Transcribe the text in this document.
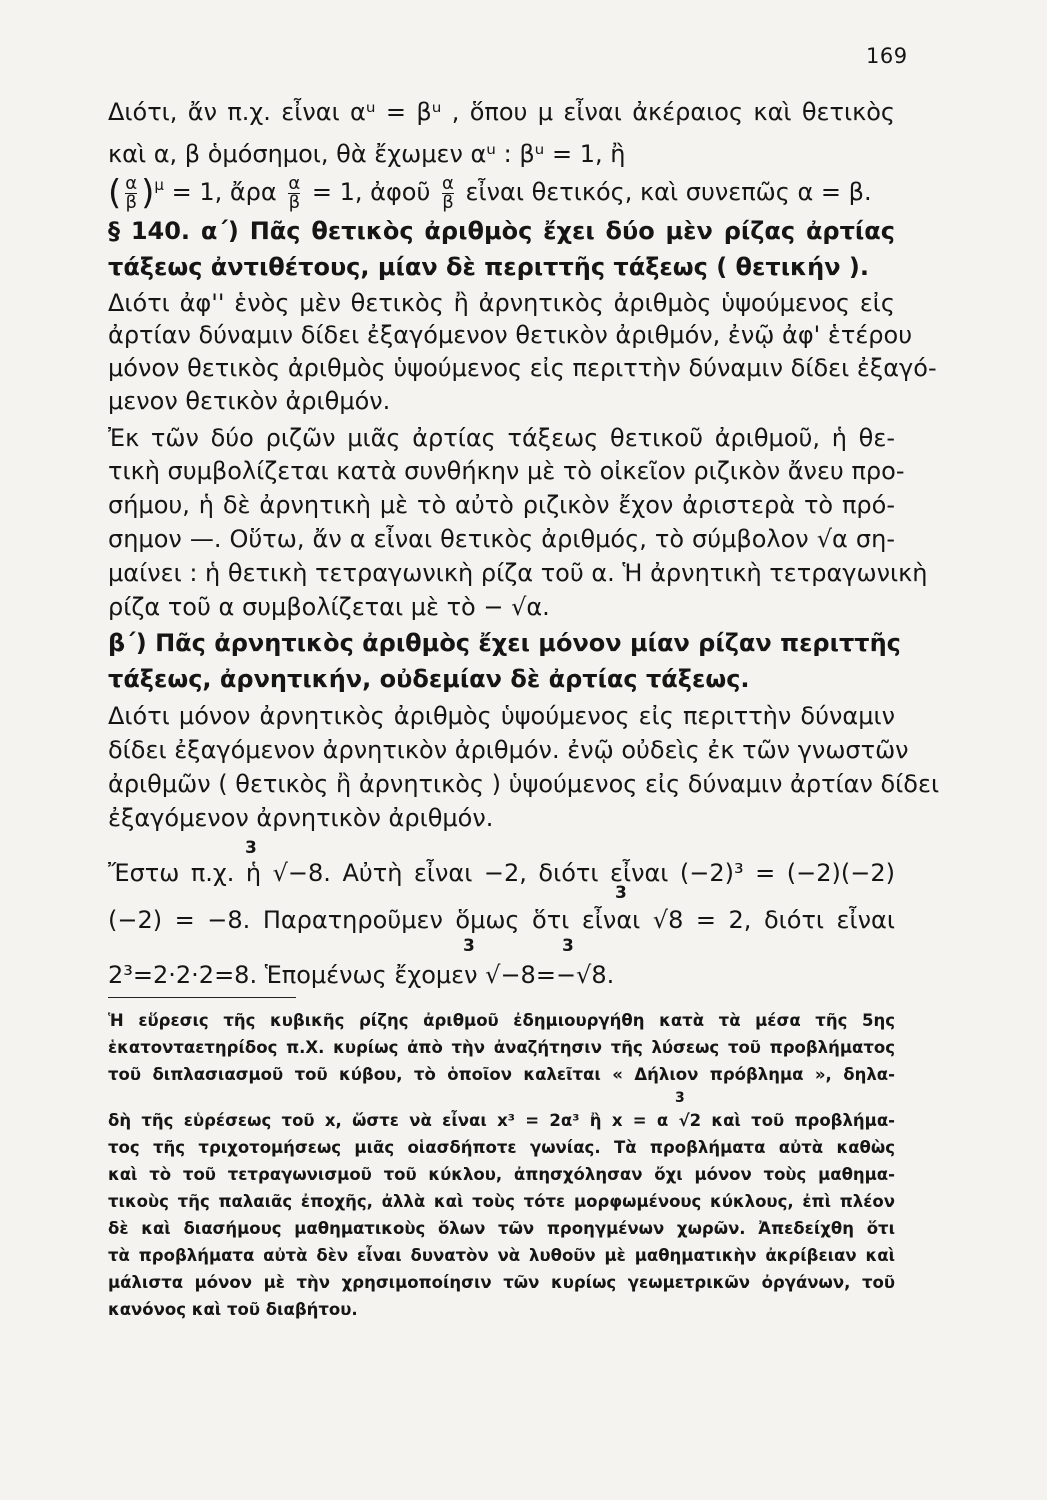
169
Διότι, ἄν π.χ. εἶναι αᵘ = βᵘ , ὅπου μ εἶναι ἀκέραιος καὶ θετικὸς
καὶ α, β ὁμόσημοι, θὰ ἔχωμεν αᵘ : βᵘ = 1, ἢ
( $\frac{\alpha}{\beta} )^\mu = 1$, ἄρα $\frac{\alpha}{\beta} = 1$, ἀφοῦ $\frac{\alpha}{\beta}$ εἶναι θετικός, καὶ συνεπῶς α = β.
§ 140. α΄) Πᾶς θετικὸς ἀριθμὸς ἔχει δύο μὲν ρίζας ἀρτίας
τάξεως ἀντιθέτους, μίαν δὲ περιττῆς τάξεως ( θετικήν ).
Διότι ἀφ'' ἑνὸς μὲν θετικὸς ἢ ἀρνητικὸς ἀριθμὸς ὑψούμενος εἰς
ἀρτίαν δύναμιν δίδει ἐξαγόμενον θετικὸν ἀριθμόν, ἐνῷ ἀφ' ἑτέρου
μόνον θετικὸς ἀριθμὸς ὑψούμενος εἰς περιττὴν δύναμιν δίδει ἐξαγό-
μενον θετικὸν ἀριθμόν.
Ἐκ τῶν δύο ριζῶν μιᾶς ἀρτίας τάξεως θετικοῦ ἀριθμοῦ, ἡ θε-
τικὴ συμβολίζεται κατὰ συνθήκην μὲ τὸ οἰκεῖον ριζικὸν ἄνευ προ-
σήμου, ἡ δὲ ἀρνητικὴ μὲ τὸ αὐτὸ ριζικὸν ἔχον ἀριστερὰ τὸ πρό-
σημον —. Οὕτω, ἄν α εἶναι θετικὸς ἀριθμός, τὸ σύμβολον √α ση-
μαίνει : ἡ θετικὴ τετραγωνικὴ ρίζα τοῦ α. Ἡ ἀρνητικὴ τετραγωνικὴ
ρίζα τοῦ α συμβολίζεται μὲ τὸ − √α.
β΄) Πᾶς ἀρνητικὸς ἀριθμὸς ἔχει μόνον μίαν ρίζαν περιττῆς
τάξεως, ἀρνητικήν, οὐδεμίαν δὲ ἀρτίας τάξεως.
Διότι μόνον ἀρνητικὸς ἀριθμὸς ὑψούμενος εἰς περιττὴν δύναμιν
δίδει ἐξαγόμενον ἀρνητικὸν ἀριθμόν. ἐνῷ οὐδεὶς ἐκ τῶν γνωστῶν
ἀριθμῶν ( θετικὸς ἢ ἀρνητικὸς ) ὑψούμενος εἰς δύναμιν ἀρτίαν δίδει
ἐξαγόμενον ἀρνητικὸν ἀριθμόν.
3
Ἔστω π.χ. ἡ √−8. Αὐτὴ εἶναι −2, διότι εἶναι (−2)³ = (−2)(−2)
3
(−2) = −8. Παρατηροῦμεν ὅμως ὅτι εἶναι √8 = 2, διότι εἶναι
3	3
2³=2·2·2=8. Ἑπομένως ἔχομεν √−8=−√8.
Ἡ εὕρεσις τῆς κυβικῆς ρίζης ἀριθμοῦ ἐδημιουργήθη κατὰ τὰ μέσα τῆς 5ης
ἑκατονταετηρίδος π.Χ. κυρίως ἀπὸ τὴν ἀναζήτησιν τῆς λύσεως τοῦ προβλήματος
τοῦ διπλασιασμοῦ τοῦ κύβου, τὸ ὁποῖον καλεῖται « Δήλιον πρόβλημα », δηλα-
3
δὴ τῆς εὑρέσεως τοῦ x, ὥστε νὰ εἶναι x³ = 2α³ ἢ x = α √2 καὶ τοῦ προβλήμα-
τος τῆς τριχοτομήσεως μιᾶς οἱασδήποτε γωνίας. Τὰ προβλήματα αὐτὰ καθὼς
καὶ τὸ τοῦ τετραγωνισμοῦ τοῦ κύκλου, ἀπησχόλησαν ὄχι μόνον τοὺς μαθημα-
τικοὺς τῆς παλαιᾶς ἐποχῆς, ἀλλὰ καὶ τοὺς τότε μορφωμένους κύκλους, ἐπὶ πλέον
δὲ καὶ διασήμους μαθηματικοὺς ὅλων τῶν προηγμένων χωρῶν. Ἀπεδείχθη ὅτι
τὰ προβλήματα αὐτὰ δὲν εἶναι δυνατὸν νὰ λυθοῦν μὲ μαθηματικὴν ἀκρίβειαν καὶ
μάλιστα μόνον μὲ τὴν χρησιμοποίησιν τῶν κυρίως γεωμετρικῶν ὀργάνων, τοῦ
κανόνος καὶ τοῦ διαβήτου.
